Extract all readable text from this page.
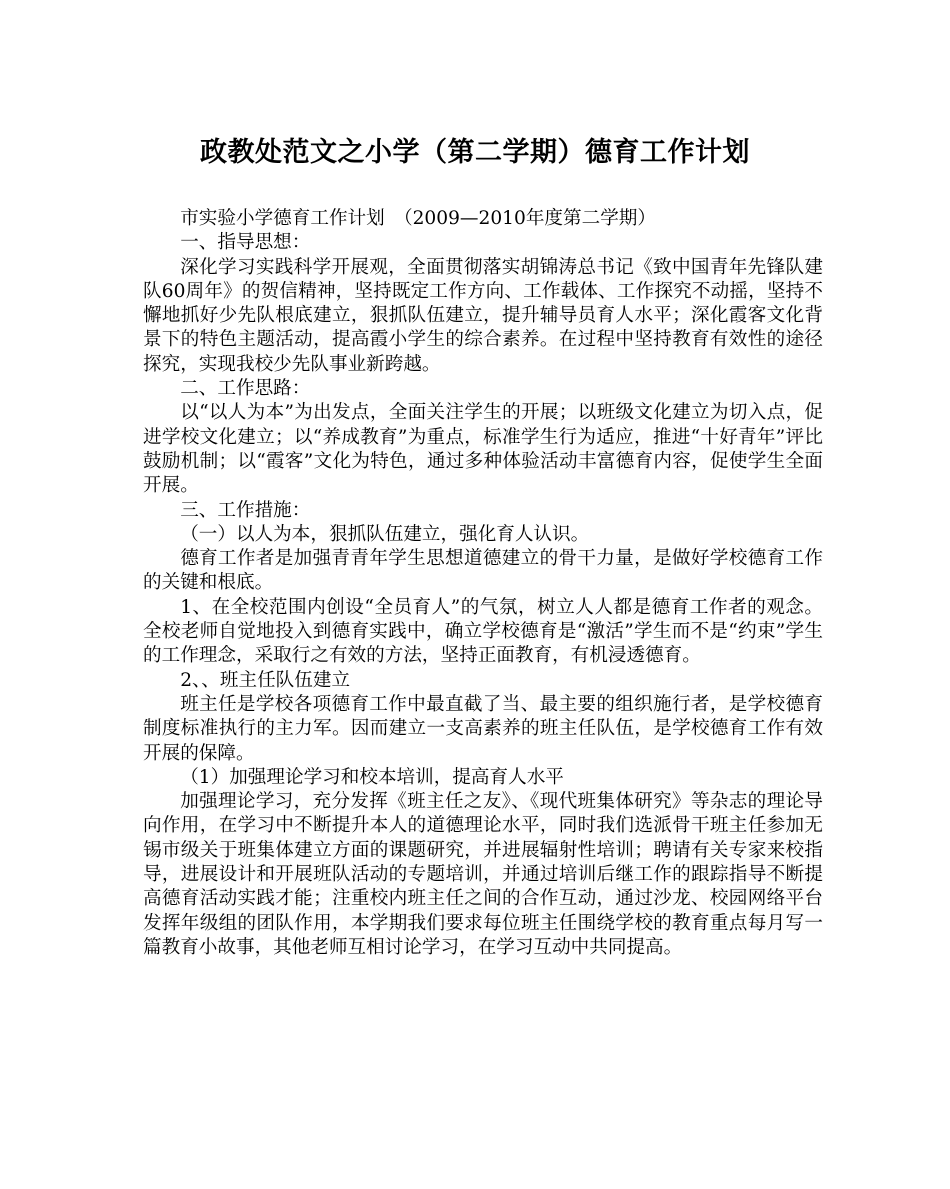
政教处范文之小学（第二学期）德育工作计划

市实验小学德育工作计划　（2009—2010年度第二学期）

一、指导思想：

深化学习实践科学开展观，全面贯彻落实胡锦涛总书记《致中国青年先锋队建队60周年》的贺信精神，坚持既定工作方向、工作载体、工作探究不动摇，坚持不懈地抓好少先队根底建立，狠抓队伍建立，提升辅导员育人水平；深化霞客文化背景下的特色主题活动，提高霞小学生的综合素养。在过程中坚持教育有效性的途径探究，实现我校少先队事业新跨越。

二、工作思路：

以“以人为本”为出发点，全面关注学生的开展；以班级文化建立为切入点，促进学校文化建立；以“养成教育”为重点，标准学生行为适应，推进“十好青年”评比鼓励机制；以“霞客”文化为特色，通过多种体验活动丰富德育内容，促使学生全面开展。

三、工作措施：

（一）以人为本，狠抓队伍建立，强化育人认识。

德育工作者是加强青青年学生思想道德建立的骨干力量，是做好学校德育工作的关键和根底。

1、在全校范围内创设“全员育人”的气氛，树立人人都是德育工作者的观念。全校老师自觉地投入到德育实践中，确立学校德育是“激活”学生而不是“约束”学生的工作理念，采取行之有效的方法，坚持正面教育，有机浸透德育。

2、、班主任队伍建立

班主任是学校各项德育工作中最直截了当、最主要的组织施行者，是学校德育制度标准执行的主力军。因而建立一支高素养的班主任队伍，是学校德育工作有效开展的保障。

（1）加强理论学习和校本培训，提高育人水平

加强理论学习，充分发挥《班主任之友》、《现代班集体研究》等杂志的理论导向作用，在学习中不断提升本人的道德理论水平，同时我们选派骨干班主任参加无锡市级关于班集体建立方面的课题研究，并进展辐射性培训；聘请有关专家来校指导，进展设计和开展班队活动的专题培训，并通过培训后继工作的跟踪指导不断提高德育活动实践才能；注重校内班主任之间的合作互动，通过沙龙、校园网络平台发挥年级组的团队作用，本学期我们要求每位班主任围绕学校的教育重点每月写一篇教育小故事，其他老师互相讨论学习，在学习互动中共同提高。
